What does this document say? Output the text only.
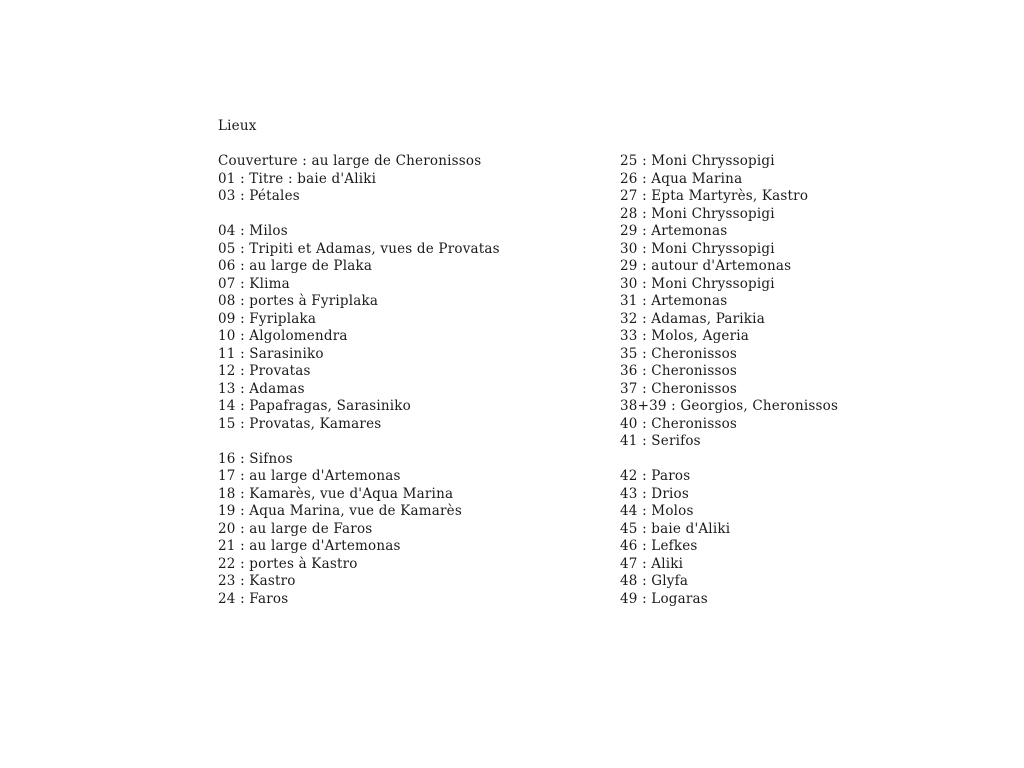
Lieux
Couverture : au large de Cheronissos
01 : Titre : baie d'Aliki
03 : Pétales
04 : Milos
05 : Tripiti et Adamas, vues de Provatas
06 : au large de Plaka
07 : Klima
08 : portes à Fyriplaka
09 : Fyriplaka
10 : Algolomendra
11 : Sarasiniko
12 : Provatas
13 : Adamas
14 : Papafragas, Sarasiniko
15 : Provatas, Kamares
16 : Sifnos
17 : au large d'Artemonas
18 : Kamarès, vue d'Aqua Marina
19 : Aqua Marina, vue de Kamarès
20 : au large de Faros
21 : au large d'Artemonas
22 : portes à Kastro
23 : Kastro
24 : Faros
25 : Moni Chryssopigi
26 : Aqua Marina
27 : Epta Martyrès, Kastro
28 : Moni Chryssopigi
29 : Artemonas
30 : Moni Chryssopigi
29 : autour d'Artemonas
30 : Moni Chryssopigi
31 : Artemonas
32 : Adamas, Parikia
33 : Molos, Ageria
35 : Cheronissos
36 : Cheronissos
37 : Cheronissos
38+39 : Georgios, Cheronissos
40 : Cheronissos
41 : Serifos
42 : Paros
43 : Drios
44 : Molos
45 : baie d'Aliki
46 : Lefkes
47 : Aliki
48 : Glyfa
49 : Logaras
